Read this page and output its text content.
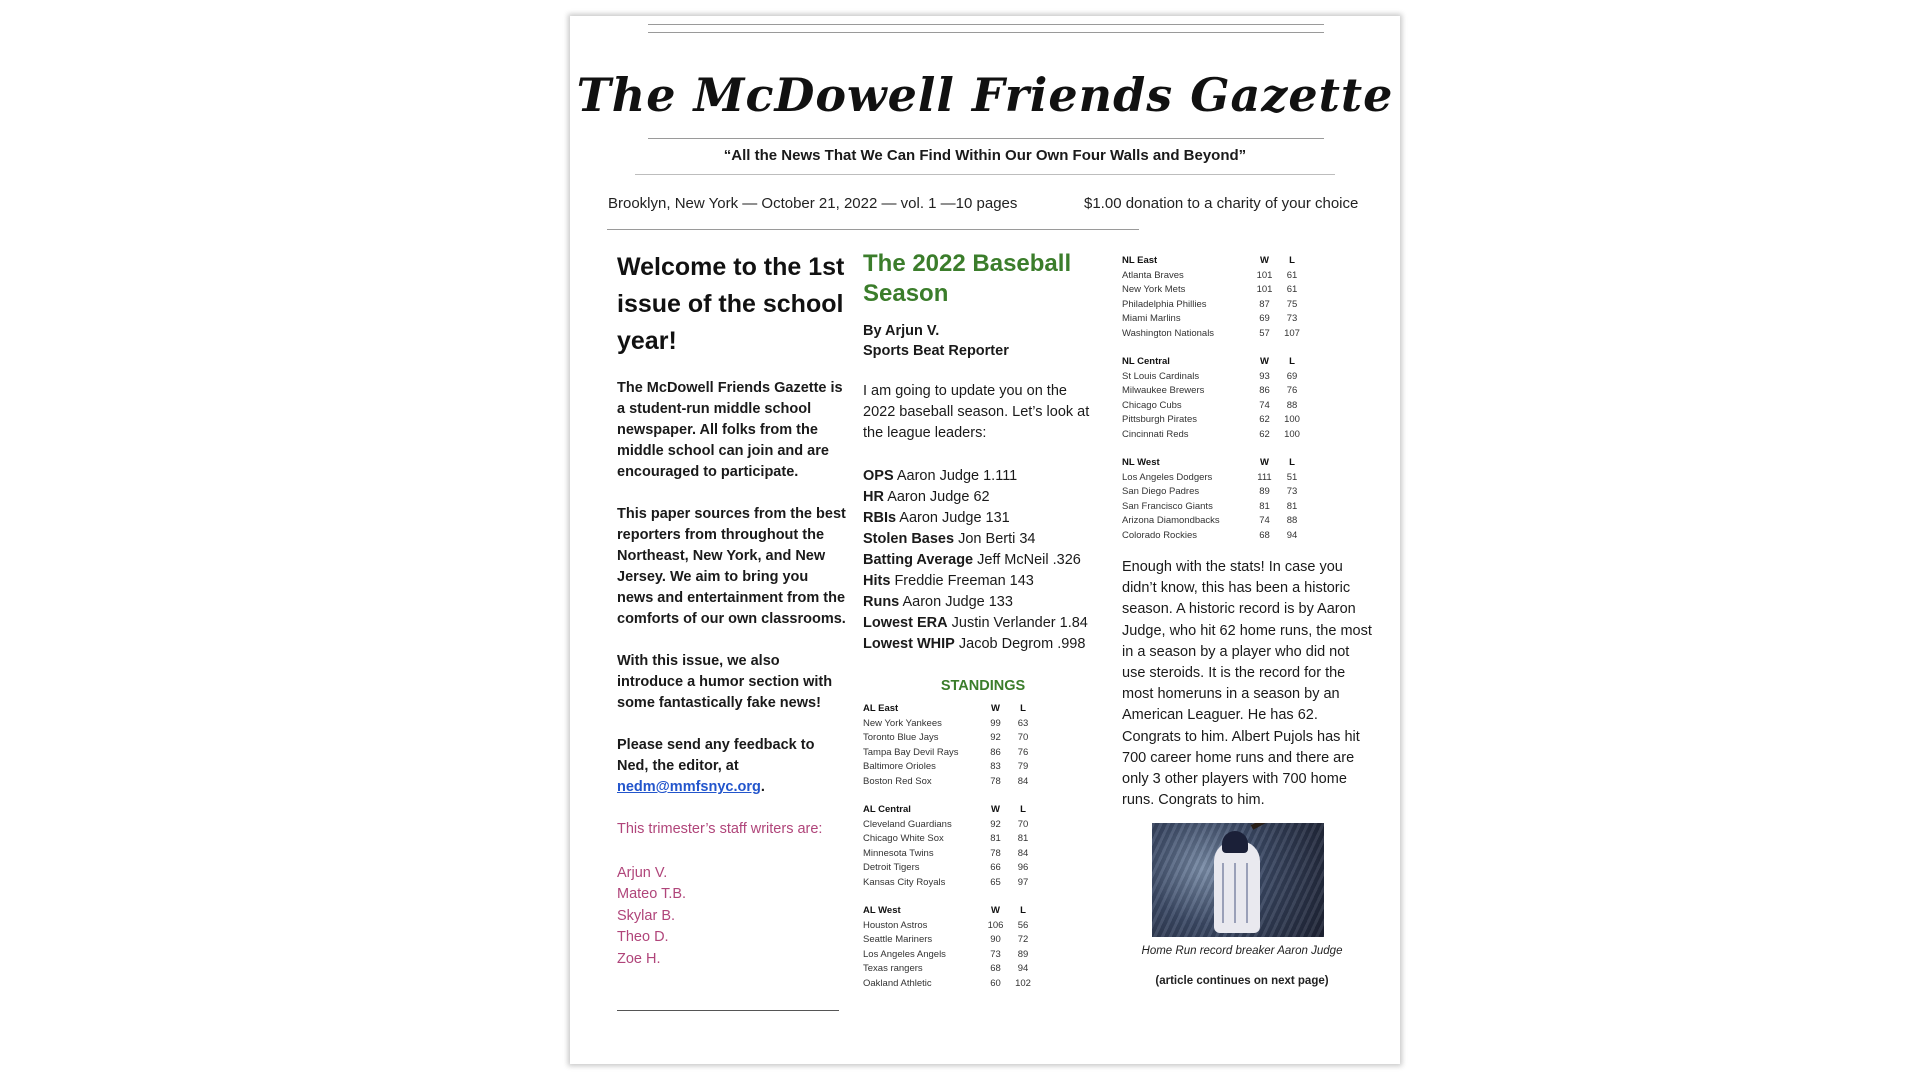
The McDowell Friends Gazette
“All the News That We Can Find Within Our Own Four Walls and Beyond”
Brooklyn, New York — October 21, 2022 — vol. 1 —10 pages	$1.00 donation to a charity of your choice
Welcome to the 1st issue of the school year!
The McDowell Friends Gazette is a student-run middle school newspaper. All folks from the middle school can join and are encouraged to participate.
This paper sources from the best reporters from throughout the Northeast, New York, and New Jersey. We aim to bring you news and entertainment from the comforts of our own classrooms.
With this issue, we also introduce a humor section with some fantastically fake news!
Please send any feedback to Ned, the editor, at nedm@mmfsnyc.org.
This trimester’s staff writers are:
Arjun V.
Mateo T.B.
Skylar B.
Theo D.
Zoe H.
The 2022 Baseball Season
By Arjun V.
Sports Beat Reporter
I am going to update you on the 2022 baseball season. Let’s look at the league leaders:
OPS Aaron Judge 1.111
HR Aaron Judge 62
RBIs Aaron Judge 131
Stolen Bases Jon Berti 34
Batting Average Jeff McNeil .326
Hits Freddie Freeman 143
Runs Aaron Judge 133
Lowest ERA Justin Verlander 1.84
Lowest WHIP Jacob Degrom .998
STANDINGS
AL East	W	L
New York Yankees	99	63
Toronto Blue Jays	92	70
Tampa Bay Devil Rays	86	76
Baltimore Orioles	83	79
Boston Red Sox	78	84
AL Central	W	L
Cleveland Guardians	92	70
Chicago White Sox	81	81
Minnesota Twins	78	84
Detroit Tigers	66	96
Kansas City Royals	65	97
AL West	W	L
Houston Astros	106	56
Seattle Mariners	90	72
Los Angeles Angels	73	89
Texas rangers	68	94
Oakland Athletic	60	102
NL East	W	L
Atlanta Braves	101	61
New York Mets	101	61
Philadelphia Phillies	87	75
Miami Marlins	69	73
Washington Nationals	57	107
NL Central	W	L
St Louis Cardinals	93	69
Milwaukee Brewers	86	76
Chicago Cubs	74	88
Pittsburgh Pirates	62	100
Cincinnati Reds	62	100
NL West	W	L
Los Angeles Dodgers	111	51
San Diego Padres	89	73
San Francisco Giants	81	81
Arizona Diamondbacks	74	88
Colorado Rockies	68	94
Enough with the stats! In case you didn’t know, this has been a historic season. A historic record is by Aaron Judge, who hit 62 home runs, the most in a season by a player who did not use steroids. It is the record for the most homeruns in a season by an American Leaguer. He has 62. Congrats to him. Albert Pujols has hit 700 career home runs and there are only 3 other players with 700 home runs. Congrats to him.
Home Run record breaker Aaron Judge
(article continues on next page)
